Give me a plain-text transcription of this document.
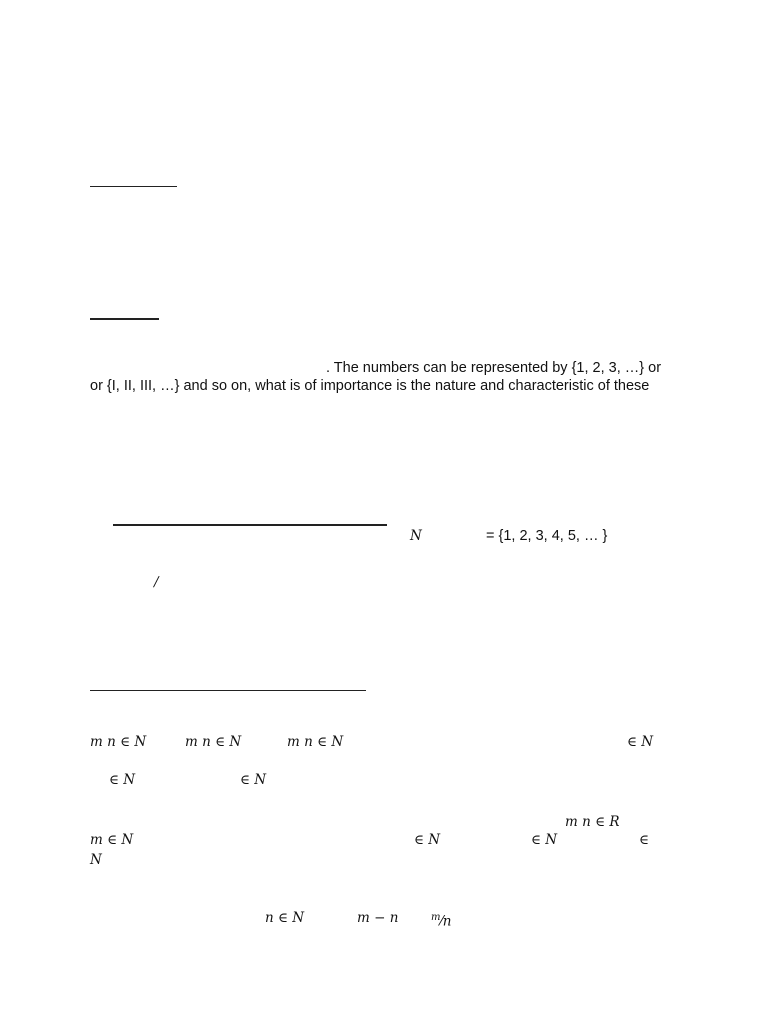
. The numbers can be represented by {1, 2, 3, …} or
or {I, II, III, …} and so on, what is of importance is the nature and characteristic of these
N	= {1, 2, 3, 4, 5, … }
∕
m n ∈ N	m n ∈ N	m n ∈ N	∈ N
∈ N	∈ N
m n ∈ R
m ∈ N	∈ N	∈ N	∈
N
n ∈ N	m − n	$^m$⁄n
